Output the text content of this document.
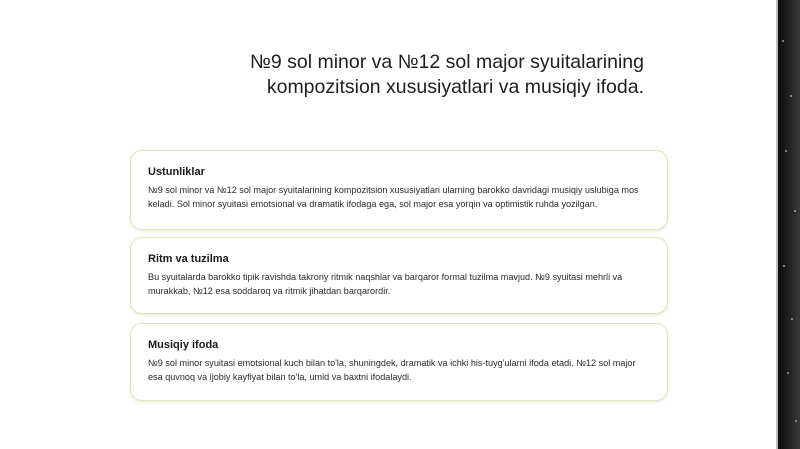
№9 sol minor va №12 sol major syuitalarining
kompozitsion xususiyatlari va musiqiy ifoda.
Ustunliklar

№9 sol minor va №12 sol major syuitalarining kompozitsion xususiyatlari ularning barokko davridagi musiqiy uslubiga mos keladi. Sol minor syuitasi emotsional va dramatik ifodaga ega, sol major esa yorqin va optimistik ruhda yozilgan.

Ritm va tuzilma

Bu syuitalarda barokko tipik ravishda takroriy ritmik naqshlar va barqaror formal tuzilma mavjud. №9 syuitasi mehrli va murakkab, №12 esa soddaroq va ritmik jihatdan barqarordir.

Musiqiy ifoda

№9 sol minor syuitasi emotsional kuch bilan to'la, shuningdek, dramatik va ichki his-tuyg'ularni ifoda etadi. №12 sol major esa quvnoq va ijobiy kayfiyat bilan to'la, umid va baxtni ifodalaydi.
